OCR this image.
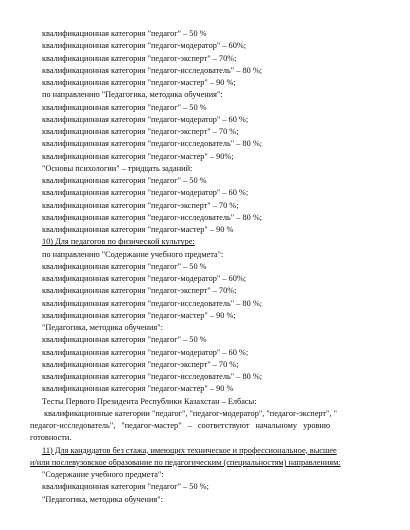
квалификационная категория "педагог" – 50 %
квалификационная категория "педагог-модератор" – 60%;
квалификационная категория "педагог-эксперт" – 70%;
квалификационная категория "педагог-исследователь" – 80 %;
квалификационная категория "педагог-мастер" – 90 %;
по направлению "Педагогика, методика обучения":
квалификационная категория "педагог" – 50 %
квалификационная категория "педагог-модератор" – 60 %;
квалификационная категория "педагог-эксперт" – 70 %;
квалификационная категория "педагог-исследователь" – 80 %;
квалификационная категория "педагог-мастер" – 90%;
"Основы психологии" – тридцать заданий:
квалификационная категория "педагог" – 50 %
квалификационная категория "педагог-модератор" – 60 %;
квалификационная категория "педагог-эксперт" – 70 %;
квалификационная категория "педагог-исследователь" – 80 %;
квалификационная категория "педагог-мастер" – 90 %
10) Для педагогов по физической культуре:
по направлению "Содержание учебного предмета":
квалификационная категория "педагог" – 50 %
квалификационная категория "педагог-модератор" – 60%;
квалификационная категория "педагог-эксперт" – 70%;
квалификационная категория "педагог-исследователь" – 80 %;
квалификационная категория "педагог-мастер" – 90 %;
"Педагогика, методика обучения":
квалификационная категория "педагог" – 50 %
квалификационная категория "педагог-модератор" – 60 %;
квалификационная категория "педагог-эксперт" – 70 %;
квалификационная категория "педагог-исследователь" – 80 %;
квалификационная категория "педагог-мастер" – 90 %
Тесты Первого Президента Республики Казахстан – Елбасы:
квалификационные категории "педагог", "педагог-модератор", "педагог-эксперт", "
педагог-исследователь", "педагог-мастер" – соответствуют начальному уровню
готовности.
11) Для кандидатов без стажа, имеющих техническое и профессиональное, высшее
и/или послевузовское образование по педагогическим (специальностям) направлениям:
"Содержание учебного предмета":
квалификационная категория "педагог" – 50 %;
"Педагогика, методика обучения":
